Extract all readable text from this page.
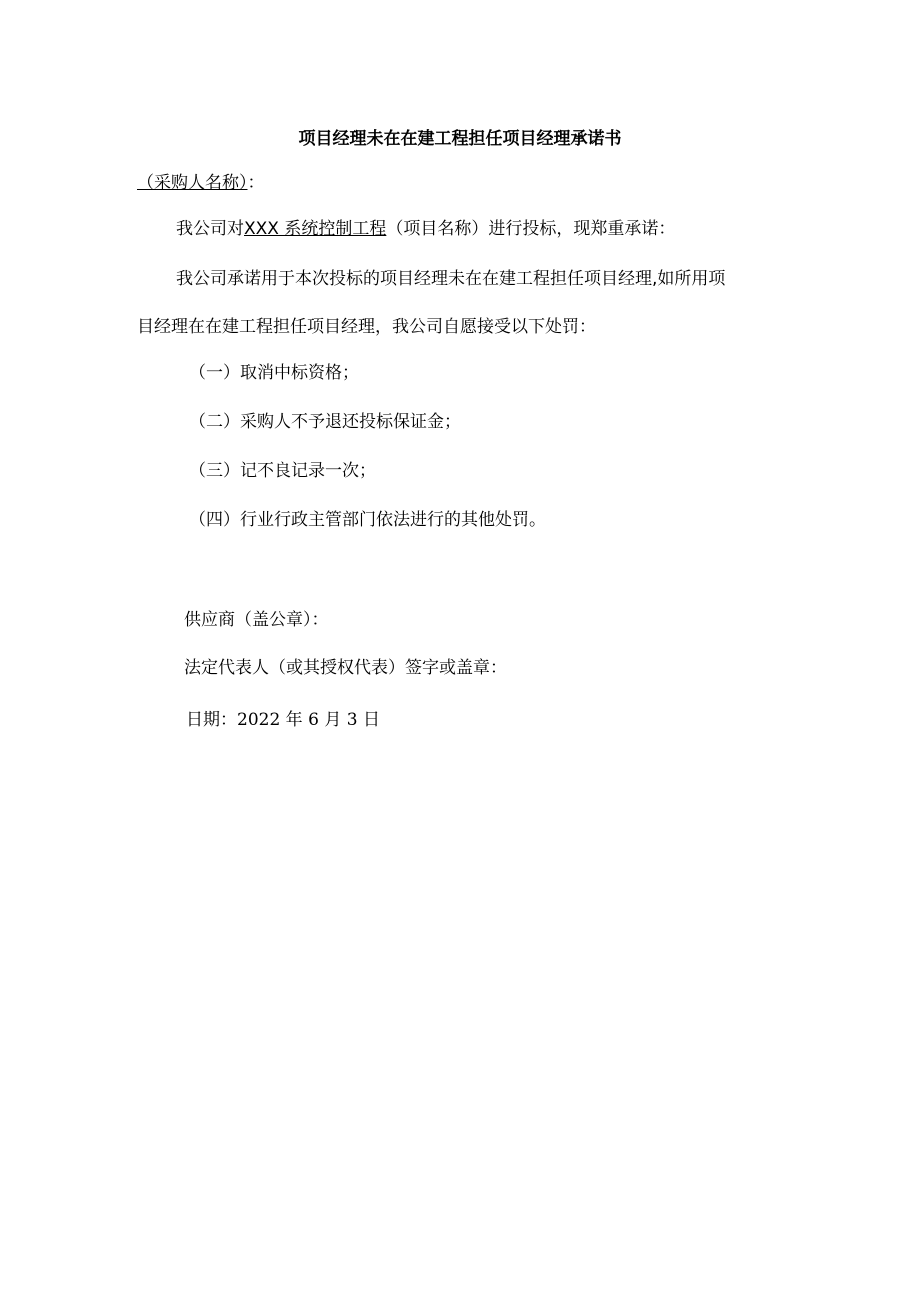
项目经理未在在建工程担任项目经理承诺书
（采购人名称）：
我公司对XXX 系统控制工程（项目名称）进行投标，现郑重承诺：
我公司承诺用于本次投标的项目经理未在在建工程担任项目经理,如所用项
目经理在在建工程担任项目经理，我公司自愿接受以下处罚：
（一）取消中标资格；
（二）采购人不予退还投标保证金；
（三）记不良记录一次；
（四）行业行政主管部门依法进行的其他处罚。
供应商（盖公章）：
法定代表人（或其授权代表）签字或盖章：
日期：2022 年 6 月 3 日
